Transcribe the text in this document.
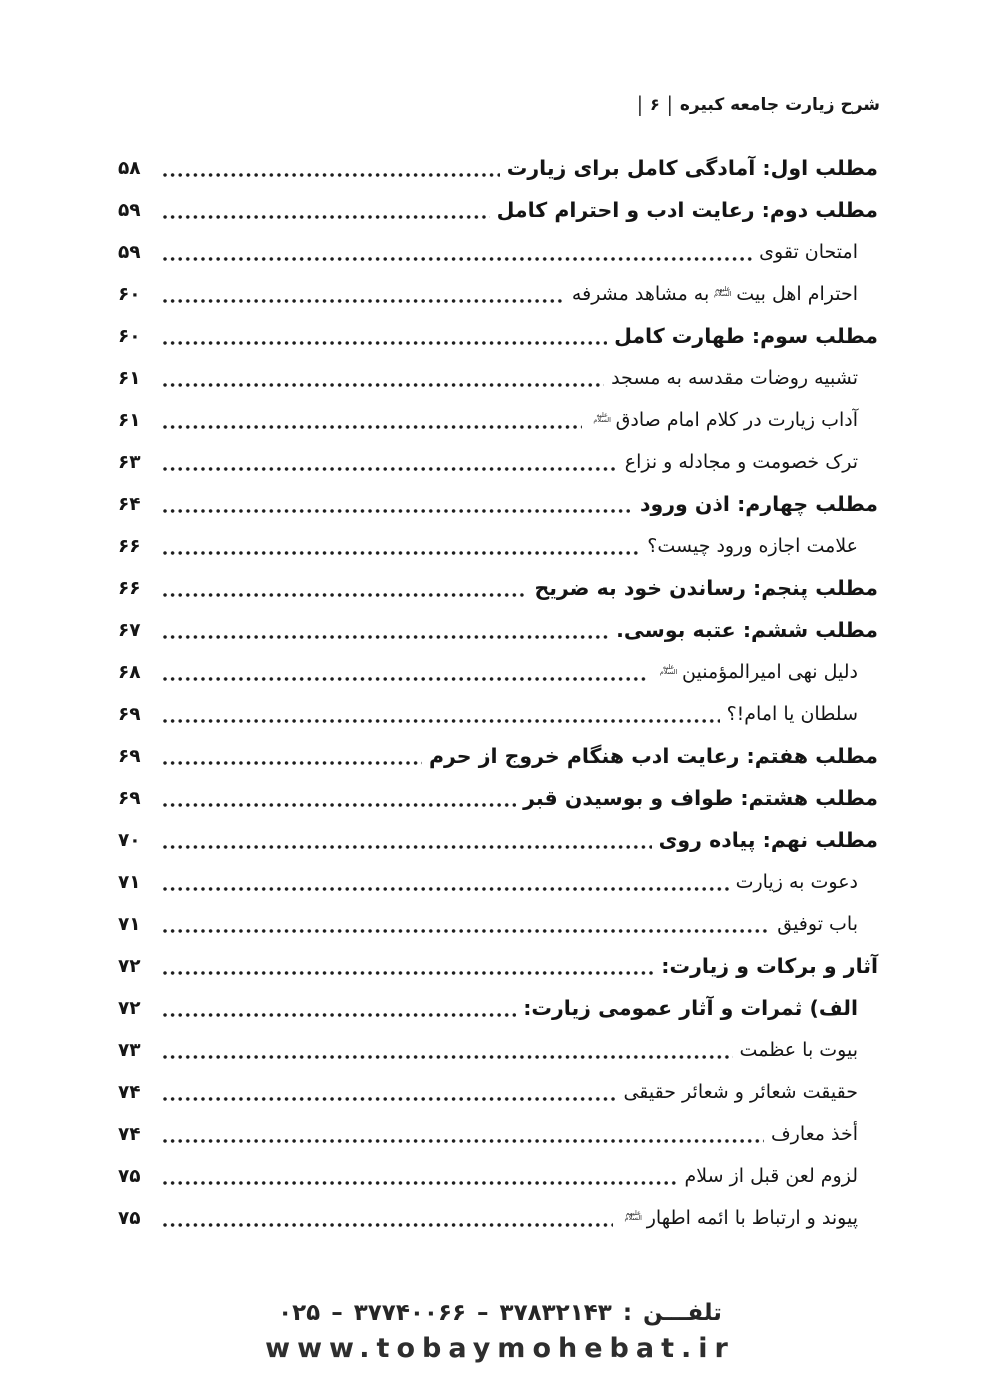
| ۶ | شرح زیارت جامعه کبیره
مطلب اول: آمادگی کامل برای زیارت
۵۸
مطلب دوم: رعایت ادب و احترام کامل
۵۹
امتحان تقوی
۵۹
احترام اهل بیتعلیهم السلامبه مشاهد مشرفه
۶۰
مطلب سوم: طهارت کامل
۶۰
تشبیه روضات مقدسه به مسجد
۶۱
آداب زیارت در کلام امام صادقعلیه السلام
۶۱
ترک خصومت و مجادله و نزاع
۶۳
مطلب چهارم: اذن ورود
۶۴
علامت اجازه ورود چیست؟
۶۶
مطلب پنجم: رساندن خود به ضریح
۶۶
مطلب ششم: عتبه بوسی.
۶۷
دلیل نهی امیرالمؤمنینعلیه السلام
۶۸
سلطان یا امام!؟
۶۹
مطلب هفتم: رعایت ادب هنگام خروج از حرم
۶۹
مطلب هشتم: طواف و بوسیدن قبر
۶۹
مطلب نهم: پیاده روی
۷۰
دعوت به زیارت
۷۱
باب توفیق
۷۱
آثار و برکات و زیارت:
۷۲
الف) ثمرات و آثار عمومی زیارت:
۷۲
بیوت با عظمت
۷۳
حقیقت شعائر و شعائر حقیقی
۷۴
أخذ معارف
۷۴
لزوم لعن قبل از سلام
۷۵
پیوند و ارتباط با ائمه اطهارعلیهم السلام
۷۵
تلفـــن
:
۳۷۸۳۲۱۴۳
–
۳۷۷۴۰۰۶۶
–
۰۲۵
www.tobaymohebat.ir
